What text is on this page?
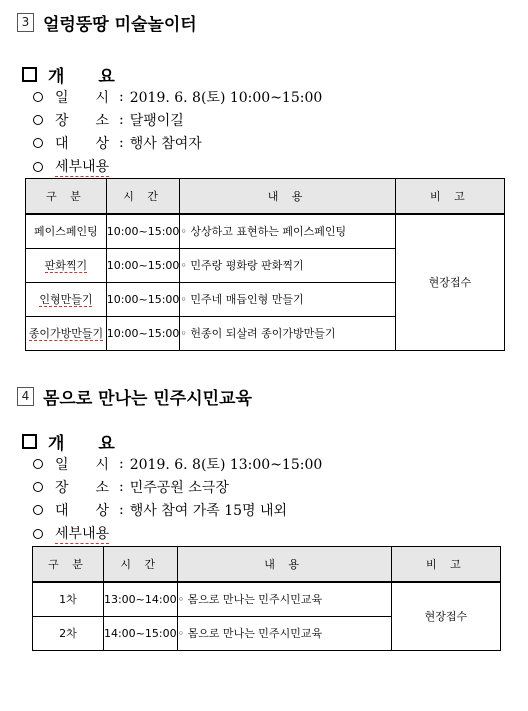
3 얼렁뚱땅 미술놀이터
개 요
일 시 : 2019. 6. 8(토) 10:00~15:00
장 소 : 달팽이길
대 상 : 행사 참여자
세부내용
구 분	시 간	내 용	비 고
페이스페인팅	10:00~15:00	◦ 상상하고 표현하는 페이스페인팅	현장접수
판화찍기	10:00~15:00	◦ 민주랑 평화랑 판화찍기	
인형만들기	10:00~15:00	◦ 민주네 매듭인형 만들기	
종이가방만들기	10:00~15:00	◦ 헌종이 되살려 종이가방만들기	
4 몸으로 만나는 민주시민교육
개 요
일 시 : 2019. 6. 8(토) 13:00~15:00
장 소 : 민주공원 소극장
대 상 : 행사 참여 가족 15명 내외
세부내용
구 분	시 간	내 용	비 고
1차	13:00~14:00	◦ 몸으로 만나는 민주시민교육	현장접수
2차	14:00~15:00	◦ 몸으로 만나는 민주시민교육	
